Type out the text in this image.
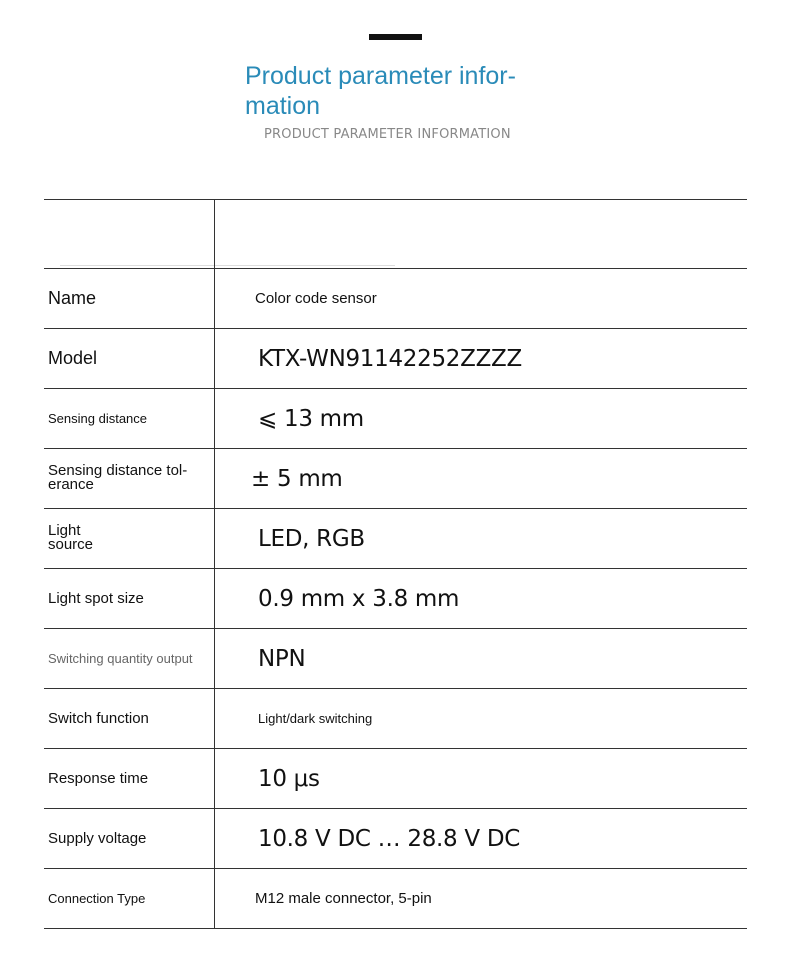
Product parameter infor-
mation
PRODUCT PARAMETER INFORMATION

Name	Color code sensor
Model	KTX-WN91142252ZZZZ
Sensing distance	⩽ 13 mm
Sensing distance tol-
erance	± 5 mm
Light
source	LED, RGB
Light spot size	0.9 mm x 3.8 mm
Switching quantity output	NPN
Switch function	Light/dark switching
Response time	10 μs
Supply voltage	10.8 V DC … 28.8 V DC
Connection Type	M12 male connector, 5-pin
